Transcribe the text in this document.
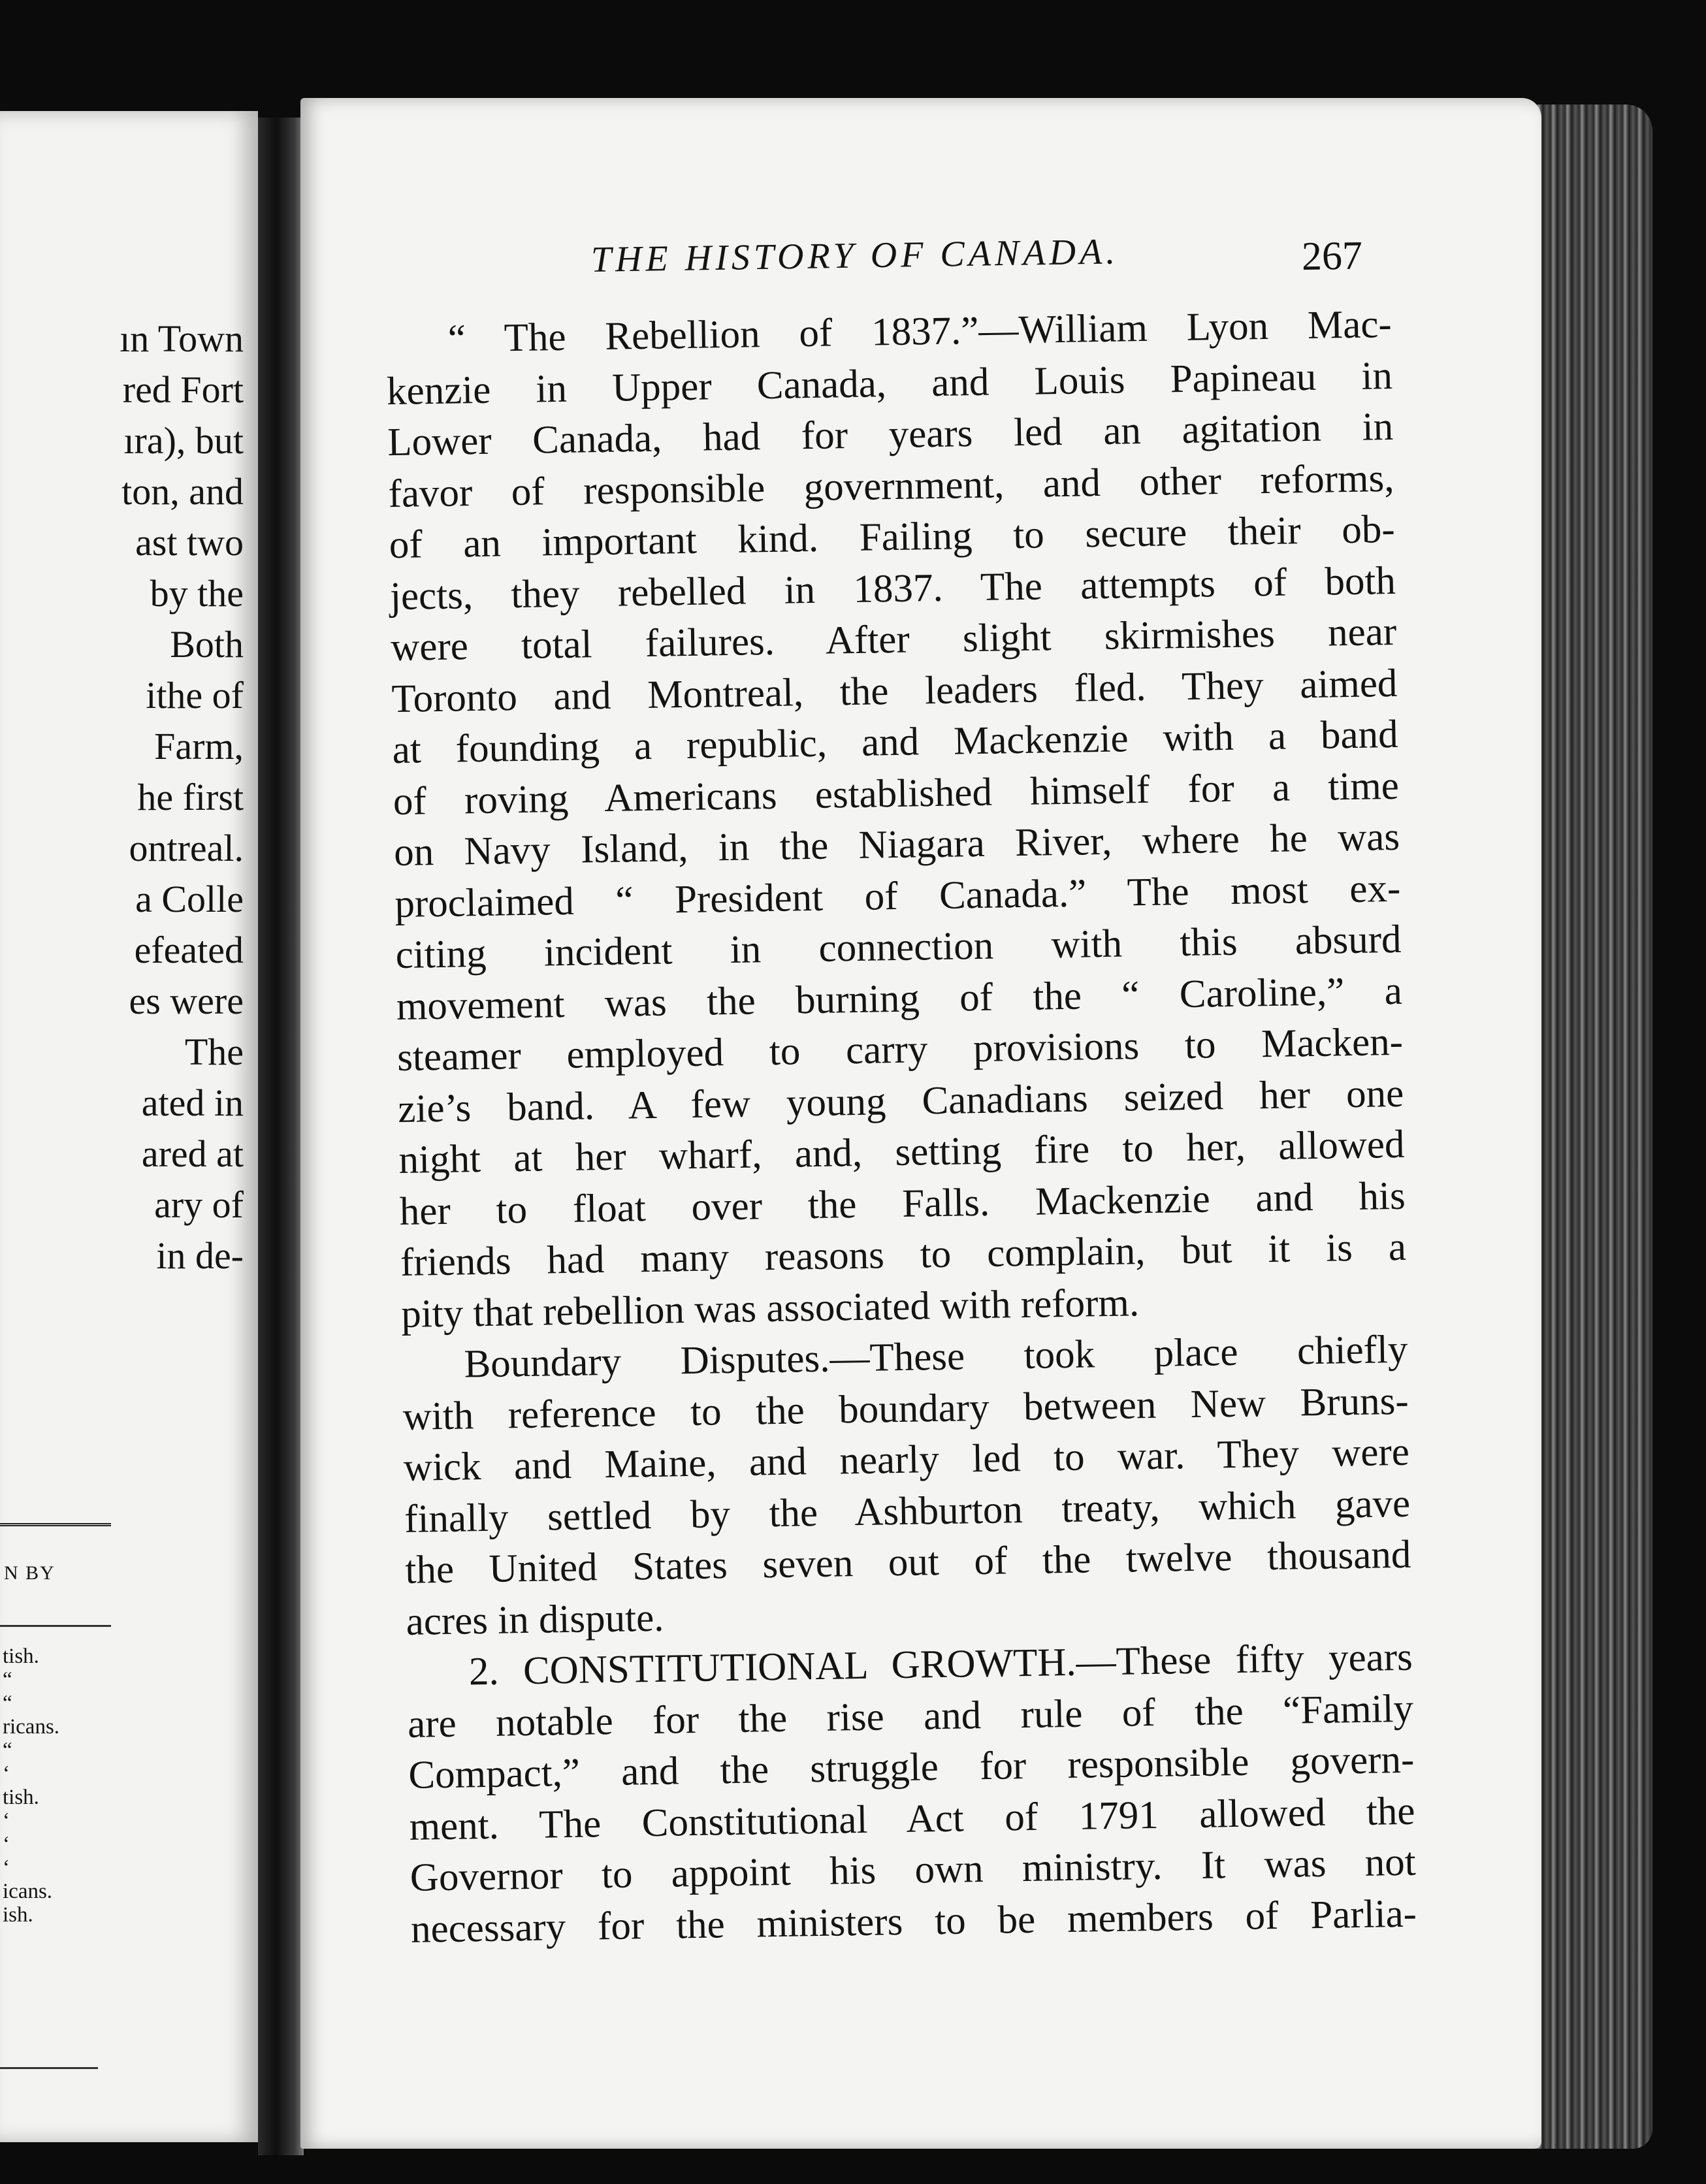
ın Town
red Fort
ıra), but
ton, and
ast two
by the
Both
ithe of
Farm,
he first
ontreal.
a Colle
efeated
es were
The
ated in
ared at
ary of
in de-
N BY
tish.
“
“
ricans.
“
‘
tish.
‘
‘
‘
icans.
ish.
THE HISTORY OF CANADA.	267
“ The Rebellion of 1837.”—William Lyon Mac-
kenzie in Upper Canada, and Louis Papineau in
Lower Canada, had for years led an agitation in
favor of responsible government, and other reforms,
of an important kind. Failing to secure their ob-
jects, they rebelled in 1837. The attempts of both
were total failures. After slight skirmishes near
Toronto and Montreal, the leaders fled. They aimed
at founding a republic, and Mackenzie with a band
of roving Americans established himself for a time
on Navy Island, in the Niagara River, where he was
proclaimed “ President of Canada.” The most ex-
citing incident in connection with this absurd
movement was the burning of the “ Caroline,” a
steamer employed to carry provisions to Macken-
zie’s band. A few young Canadians seized her one
night at her wharf, and, setting fire to her, allowed
her to float over the Falls. Mackenzie and his
friends had many reasons to complain, but it is a
pity that rebellion was associated with reform.
Boundary Disputes.—These took place chiefly
with reference to the boundary between New Bruns-
wick and Maine, and nearly led to war. They were
finally settled by the Ashburton treaty, which gave
the United States seven out of the twelve thousand
acres in dispute.
2. CONSTITUTIONAL GROWTH.—These fifty years
are notable for the rise and rule of the “Family
Compact,” and the struggle for responsible govern-
ment. The Constitutional Act of 1791 allowed the
Governor to appoint his own ministry. It was not
necessary for the ministers to be members of Parlia-
